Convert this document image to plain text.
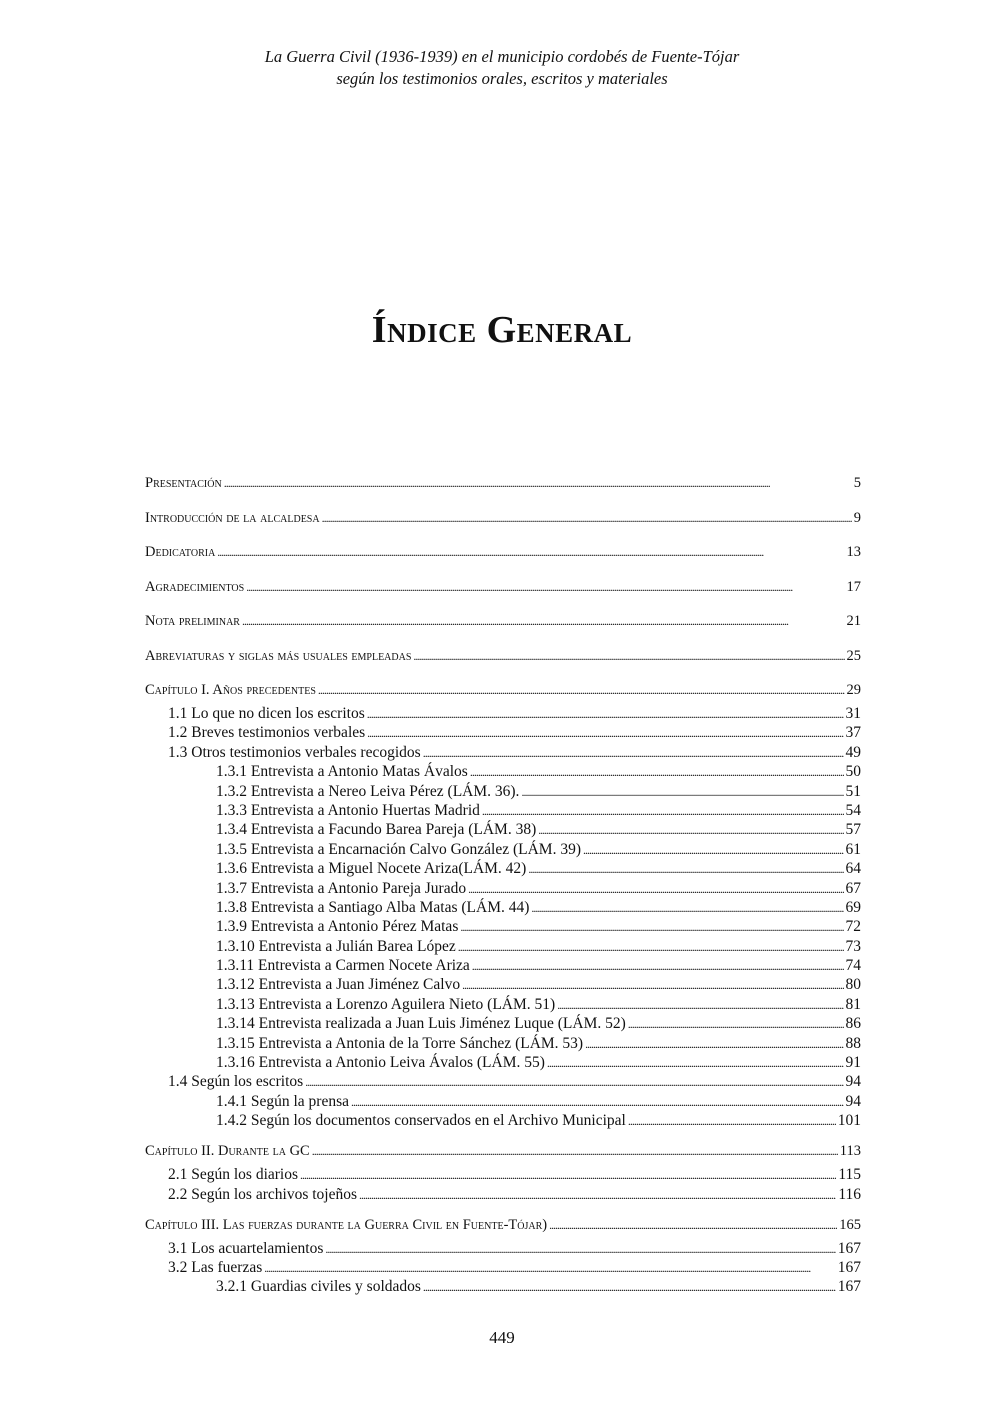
La Guerra Civil (1936-1939) en el municipio cordobés de Fuente-Tójar
según los testimonios orales, escritos y materiales
Índice General
Presentación . . .	5
Introducción de la alcaldesa . . .	9
Dedicatoria . . .	13
Agradecimientos . . .	17
Nota preliminar . . .	21
Abreviaturas y siglas más usuales empleadas . . .	25
Capítulo I. Años precedentes . . .	29
1.1 Lo que no dicen los escritos . . .	31
1.2 Breves testimonios verbales . . .	37
1.3 Otros testimonios verbales recogidos . . .	49
1.3.1 Entrevista a Antonio Matas Ávalos . . .	50
1.3.2 Entrevista a Nereo Leiva Pérez (LÁM. 36). . . .	51
1.3.3 Entrevista a Antonio Huertas Madrid . . .	54
1.3.4 Entrevista a Facundo Barea Pareja (LÁM. 38) . . .	57
1.3.5 Entrevista a Encarnación Calvo González (LÁM. 39) . . .	61
1.3.6 Entrevista a Miguel Nocete Ariza(LÁM. 42) . . .	64
1.3.7 Entrevista a Antonio Pareja Jurado . . .	67
1.3.8 Entrevista a Santiago Alba Matas (LÁM. 44) . . .	69
1.3.9 Entrevista a Antonio Pérez Matas . . .	72
1.3.10 Entrevista a Julián Barea López . . .	73
1.3.11 Entrevista a Carmen Nocete Ariza . . .	74
1.3.12 Entrevista a Juan Jiménez Calvo . . .	80
1.3.13 Entrevista a Lorenzo Aguilera Nieto (LÁM. 51) . . .	81
1.3.14 Entrevista realizada a Juan Luis Jiménez Luque (LÁM. 52) . . .	86
1.3.15 Entrevista a Antonia de la Torre Sánchez (LÁM. 53) . . .	88
1.3.16 Entrevista a Antonio Leiva Ávalos (LÁM. 55) . . .	91
1.4 Según los escritos . . .	94
1.4.1 Según la prensa . . .	94
1.4.2 Según los documentos conservados en el Archivo Municipal . . .	101
Capítulo II. Durante la GC . . .	113
2.1 Según los diarios . . .	115
2.2 Según los archivos tojeños . . .	116
Capítulo III. Las fuerzas durante la Guerra Civil en Fuente-Tójar) . . .	165
3.1 Los acuartelamientos . . .	167
3.2 Las fuerzas . . .	167
3.2.1 Guardias civiles y soldados . . .	167
449
